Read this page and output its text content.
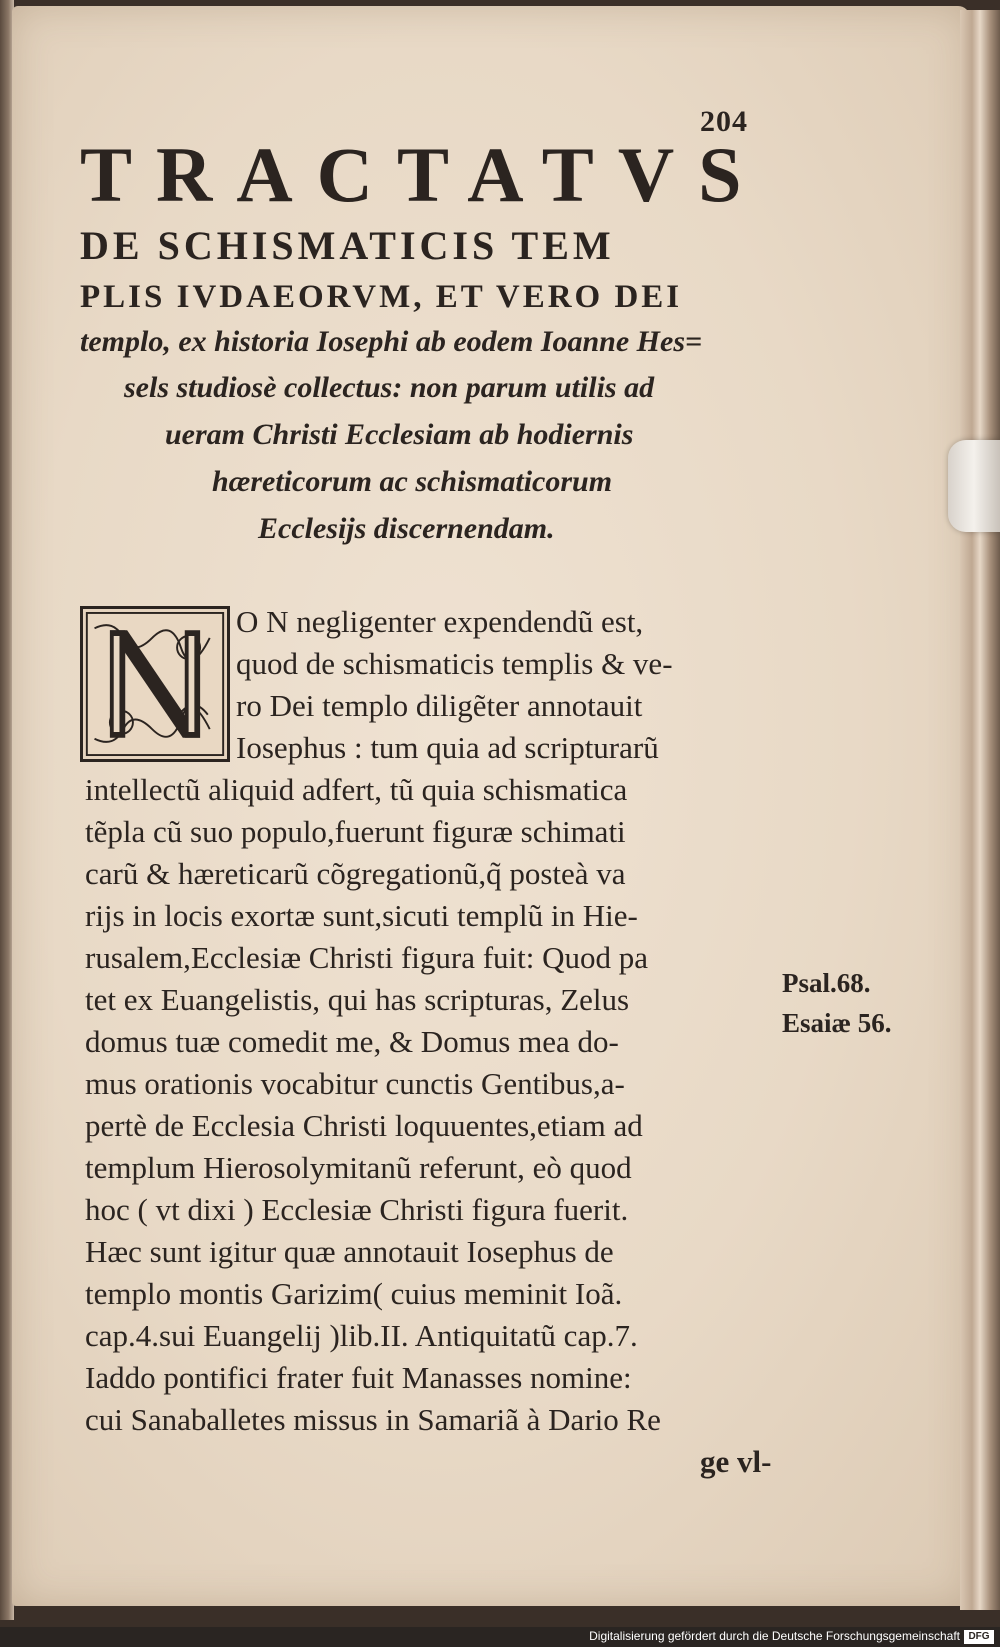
204
TRACTATVS
DE SCHISMATICIS TEM
PLIS IVDAEORVM, ET VERO DEI
templo, ex historia Iosephi ab eodem Ioanne Hes=
sels studiosè collectus: non parum utilis ad
ueram Christi Ecclesiam ab hodiernis
hæreticorum ac schismaticorum
Ecclesijs discernendam.
O N negligenter expendendũ est,
quod de schismaticis templis & ve-
ro Dei templo diligẽter annotauit
Iosephus : tum quia ad scripturarũ
intellectũ aliquid adfert, tũ quia schismatica
tẽpla cũ suo populo,fuerunt figuræ schimati
carũ & hæreticarũ cõgregationũ,q̃ posteà va
rijs in locis exortæ sunt,sicuti templũ in Hie-
rusalem,Ecclesiæ Christi figura fuit: Quod pa
tet ex Euangelistis, qui has scripturas, Zelus
domus tuæ comedit me, & Domus mea do-
mus orationis vocabitur cunctis Gentibus,a-
pertè de Ecclesia Christi loquuentes,etiam ad
templum Hierosolymitanũ referunt, eò quod
hoc ( vt dixi ) Ecclesiæ Christi figura fuerit.
Hæc sunt igitur quæ annotauit Iosephus de
templo montis Garizim( cuius meminit Ioã.
cap.4.sui Euangelij )lib.II. Antiquitatũ cap.7.
Iaddo pontifici frater fuit Manasses nomine:
cui Sanaballetes missus in Samariã à Dario Re
ge vl-
Psal.68.
Esaiæ 56.
Digitalisierung gefördert durch die Deutsche Forschungsgemeinschaft DFG
